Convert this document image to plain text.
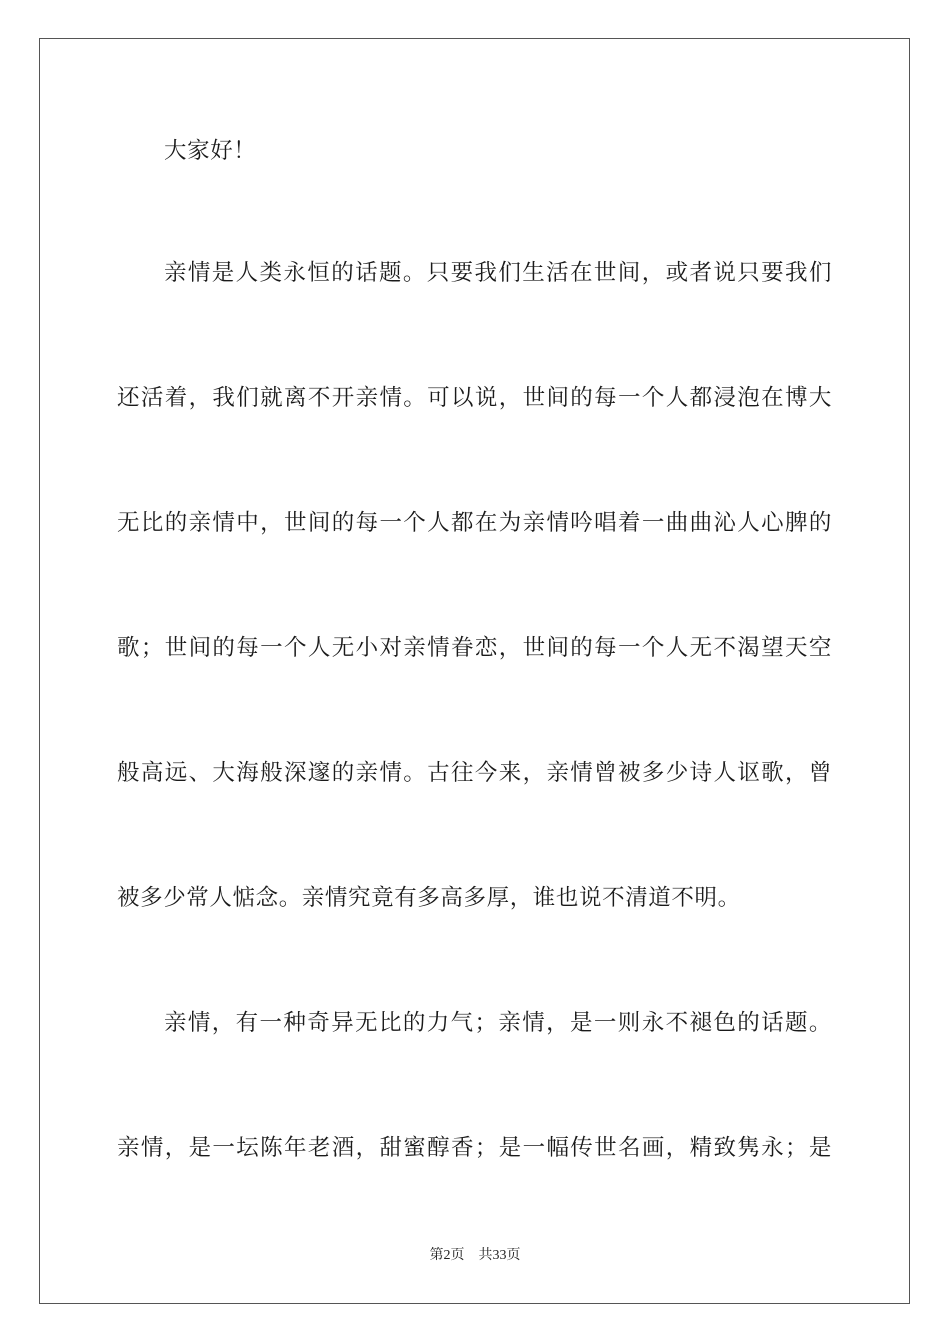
大家好！
亲情是人类永恒的话题。只要我们生活在世间，或者说只要我们
还活着，我们就离不开亲情。可以说，世间的每一个人都浸泡在博大
无比的亲情中，世间的每一个人都在为亲情吟唱着一曲曲沁人心脾的
歌；世间的每一个人无小对亲情眷恋，世间的每一个人无不渴望天空
般高远、大海般深邃的亲情。古往今来，亲情曾被多少诗人讴歌，曾
被多少常人惦念。亲情究竟有多高多厚，谁也说不清道不明。
亲情，有一种奇异无比的力气；亲情，是一则永不褪色的话题。
亲情，是一坛陈年老酒，甜蜜醇香；是一幅传世名画，精致隽永；是
第2页 共33页
